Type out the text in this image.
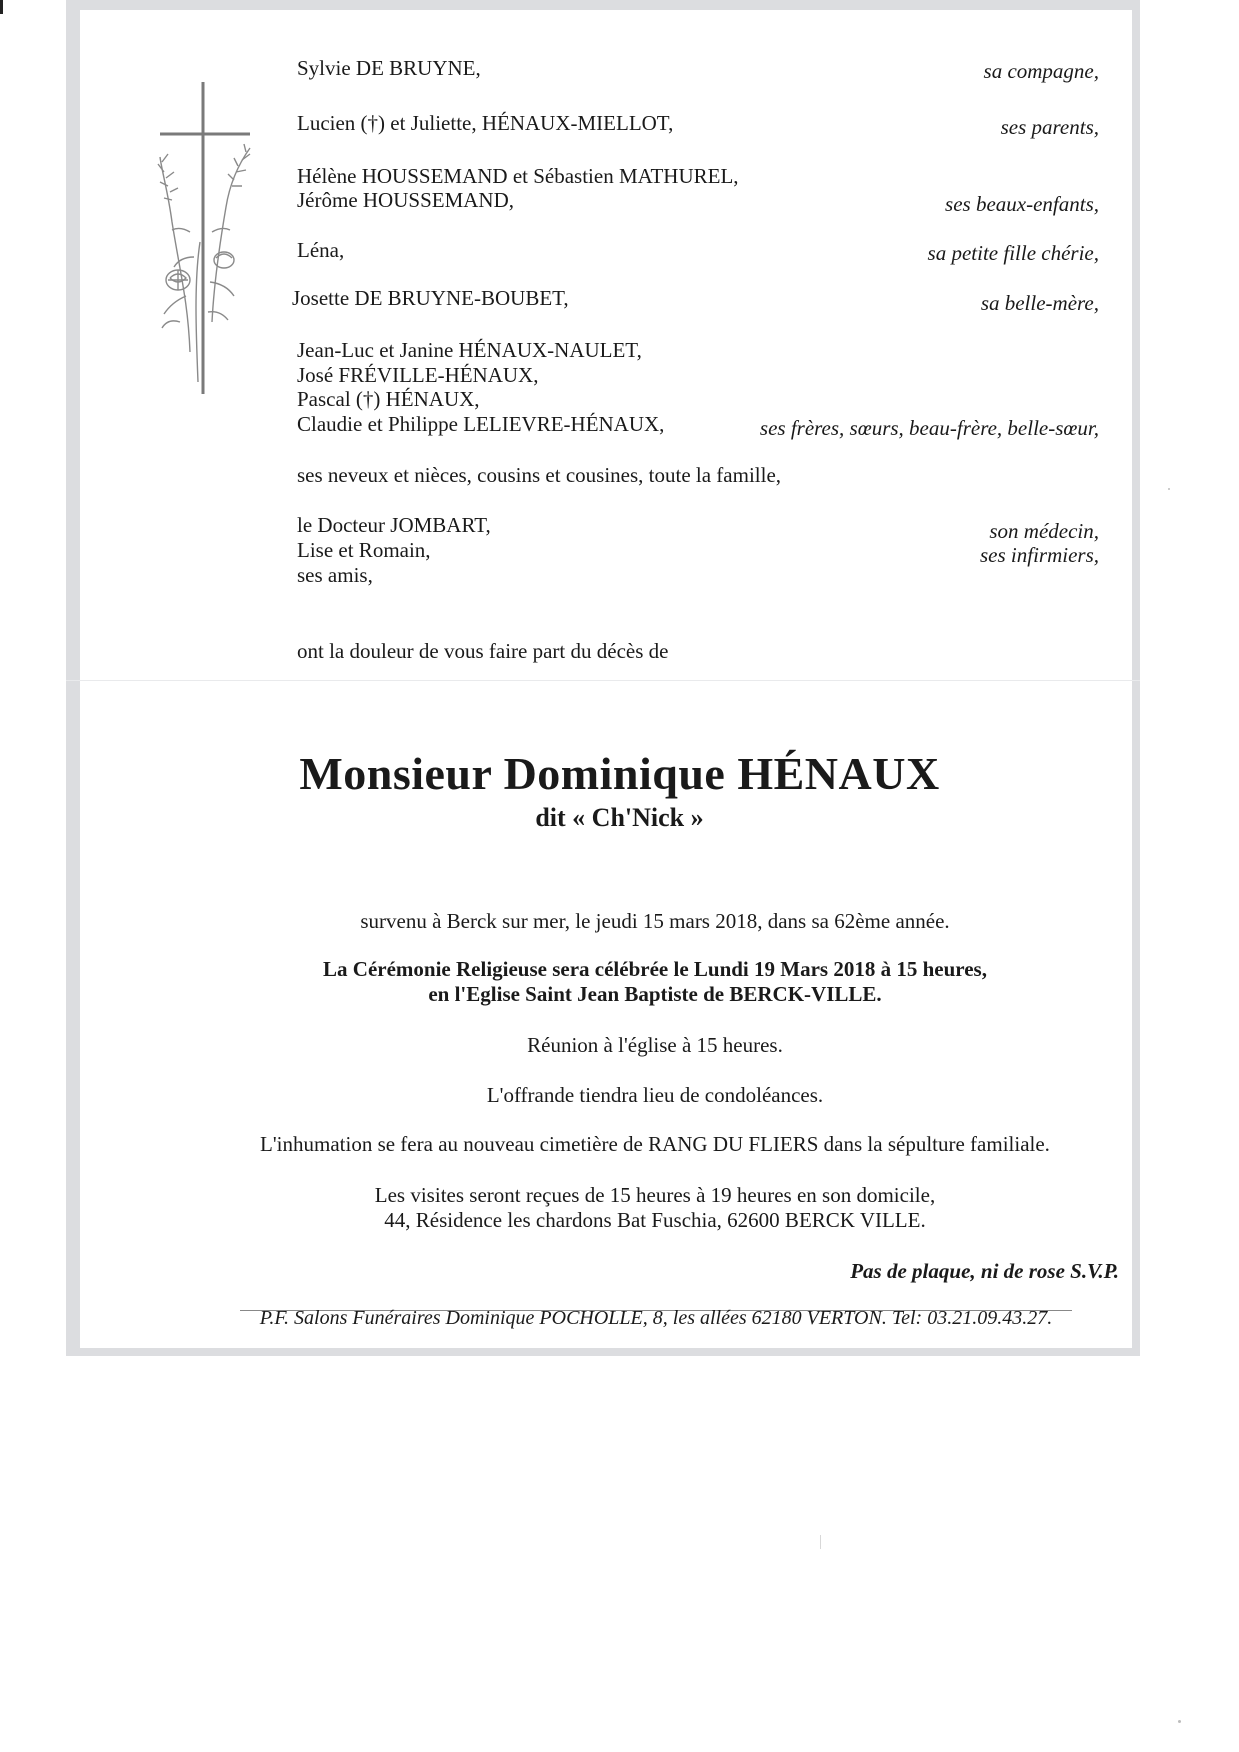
Sylvie DE BRUYNE,	sa compagne,
Lucien (†) et Juliette, HÉNAUX-MIELLOT,	ses parents,
Hélène HOUSSEMAND et Sébastien MATHUREL,
Jérôme HOUSSEMAND,	ses beaux-enfants,
Léna,	sa petite fille chérie,
Josette DE BRUYNE-BOUBET,	sa belle-mère,
Jean-Luc et Janine HÉNAUX-NAULET,
José FRÉVILLE-HÉNAUX,
Pascal (†) HÉNAUX,
Claudie et Philippe LELIEVRE-HÉNAUX,	ses frères, sœurs, beau-frère, belle-sœur,
ses neveux et nièces, cousins et cousines, toute la famille,
le Docteur JOMBART,	son médecin,
Lise et Romain,	ses infirmiers,
ses amis,
ont la douleur de vous faire part du décès de
Monsieur Dominique HÉNAUX
dit « Ch'Nick »
survenu à Berck sur mer, le jeudi 15 mars 2018, dans sa 62ème année.
La Cérémonie Religieuse sera célébrée le Lundi 19 Mars 2018 à 15 heures,
en l'Eglise Saint Jean Baptiste de BERCK-VILLE.
Réunion à l'église à 15 heures.
L'offrande tiendra lieu de condoléances.
L'inhumation se fera au nouveau cimetière de RANG DU FLIERS dans la sépulture familiale.
Les visites seront reçues de 15 heures à 19 heures en son domicile,
44, Résidence les chardons Bat Fuschia, 62600 BERCK VILLE.
Pas de plaque, ni de rose S.V.P.
P.F. Salons Funéraires Dominique POCHOLLE, 8, les allées 62180 VERTON. Tel: 03.21.09.43.27.
